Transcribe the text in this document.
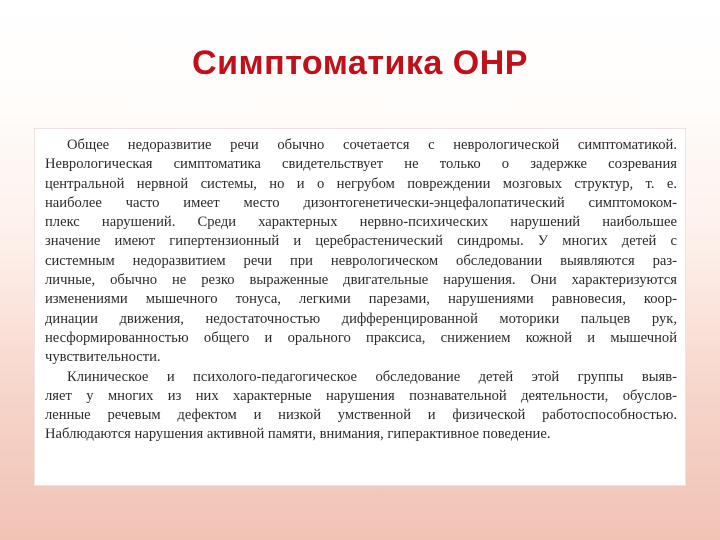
Симптоматика ОНР

Общее недоразвитие речи обычно сочетается с неврологической симптоматикой.
Неврологическая симптоматика свидетельствует не только о задержке созревания
центральной нервной системы, но и о негрубом повреждении мозговых структур, т. е.
наиболее часто имеет место дизонтогенетически-энцефалопатический симптомоком-
плекс нарушений. Среди характерных нервно-психических нарушений наибольшее
значение имеют гипертензионный и церебрастенический синдромы. У многих детей с
системным недоразвитием речи при неврологическом обследовании выявляются раз-
личные, обычно не резко выраженные двигательные нарушения. Они характеризуются
изменениями мышечного тонуса, легкими парезами, нарушениями равновесия, коор-
динации движения, недостаточностью дифференцированной моторики пальцев рук,
несформированностью общего и орального праксиса, снижением кожной и мышечной
чувствительности.

Клиническое и психолого-педагогическое обследование детей этой группы выяв-
ляет у многих из них характерные нарушения познавательной деятельности, обуслов-
ленные речевым дефектом и низкой умственной и физической работоспособностью.
Наблюдаются нарушения активной памяти, внимания, гиперактивное поведение.
